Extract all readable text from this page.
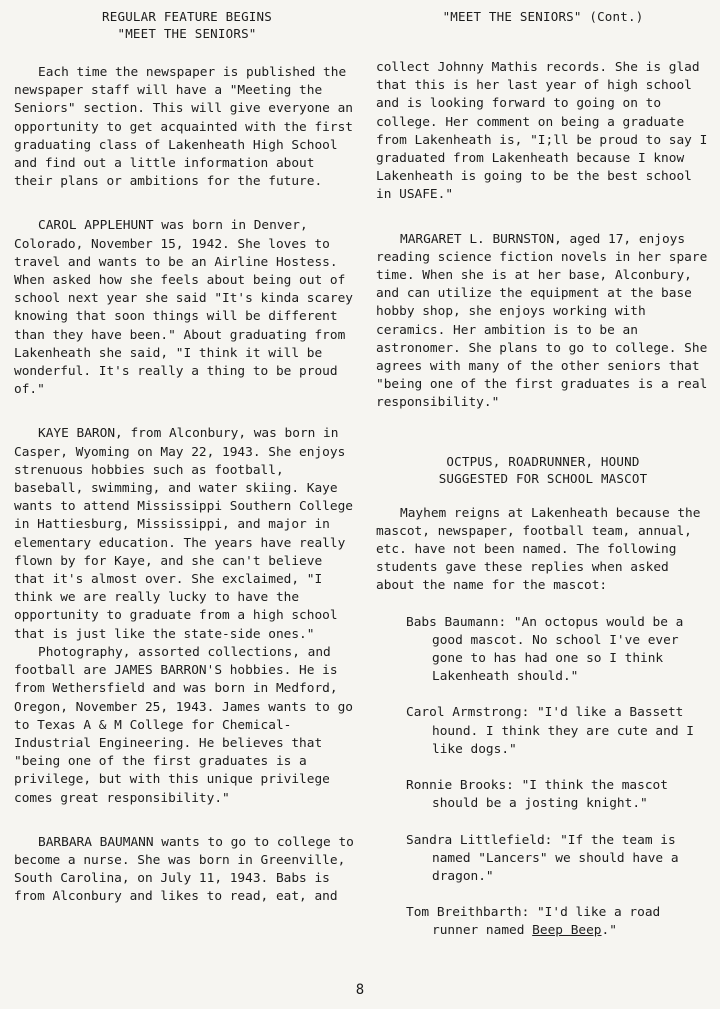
REGULAR FEATURE BEGINS
"MEET THE SENIORS"

Each time the newspaper is published the newspaper staff will have a "Meeting the Seniors" section. This will give everyone an opportunity to get acquainted with the first graduating class of Lakenheath High School and find out a little information about their plans or ambitions for the future.

CAROL APPLEHUNT was born in Denver, Colorado, November 15, 1942. She loves to travel and wants to be an Airline Hostess. When asked how she feels about being out of school next year she said "It's kinda scarey knowing that soon things will be different than they have been." About graduating from Lakenheath she said, "I think it will be wonderful. It's really a thing to be proud of."

KAYE BARON, from Alconbury, was born in Casper, Wyoming on May 22, 1943. She enjoys strenuous hobbies such as football, baseball, swimming, and water skiing. Kaye wants to attend Mississippi Southern College in Hattiesburg, Mississippi, and major in elementary education. The years have really flown by for Kaye, and she can't believe that it's almost over. She exclaimed, "I think we are really lucky to have the opportunity to graduate from a high school that is just like the state-side ones."

Photography, assorted collections, and football are JAMES BARRON'S hobbies. He is from Wethersfield and was born in Medford, Oregon, November 25, 1943. James wants to go to Texas A & M College for Chemical-Industrial Engineering. He believes that "being one of the first graduates is a privilege, but with this unique privilege comes great responsibility."

BARBARA BAUMANN wants to go to college to become a nurse. She was born in Greenville, South Carolina, on July 11, 1943. Babs is from Alconbury and likes to read, eat, and

"MEET THE SENIORS" (Cont.)

collect Johnny Mathis records. She is glad that this is her last year of high school and is looking forward to going on to college. Her comment on being a graduate from Lakenheath is, "I;ll be proud to say I graduated from Lakenheath because I know Lakenheath is going to be the best school in USAFE."

MARGARET L. BURNSTON, aged 17, enjoys reading science fiction novels in her spare time. When she is at her base, Alconbury, and can utilize the equipment at the base hobby shop, she enjoys working with ceramics. Her ambition is to be an astronomer. She plans to go to college. She agrees with many of the other seniors that "being one of the first graduates is a real responsibility."

OCTPUS, ROADRUNNER, HOUND
SUGGESTED FOR SCHOOL MASCOT

Mayhem reigns at Lakenheath because the mascot, newspaper, football team, annual, etc. have not been named. The following students gave these replies when asked about the name for the mascot:

Babs Baumann: "An octopus would be a good mascot. No school I've ever gone to has had one so I think Lakenheath should."

Carol Armstrong: "I'd like a Bassett hound. I think they are cute and I like dogs."

Ronnie Brooks: "I think the mascot should be a josting knight."

Sandra Littlefield: "If the team is named "Lancers" we should have a dragon."

Tom Breithbarth: "I'd like a road runner named Beep Beep."

8
